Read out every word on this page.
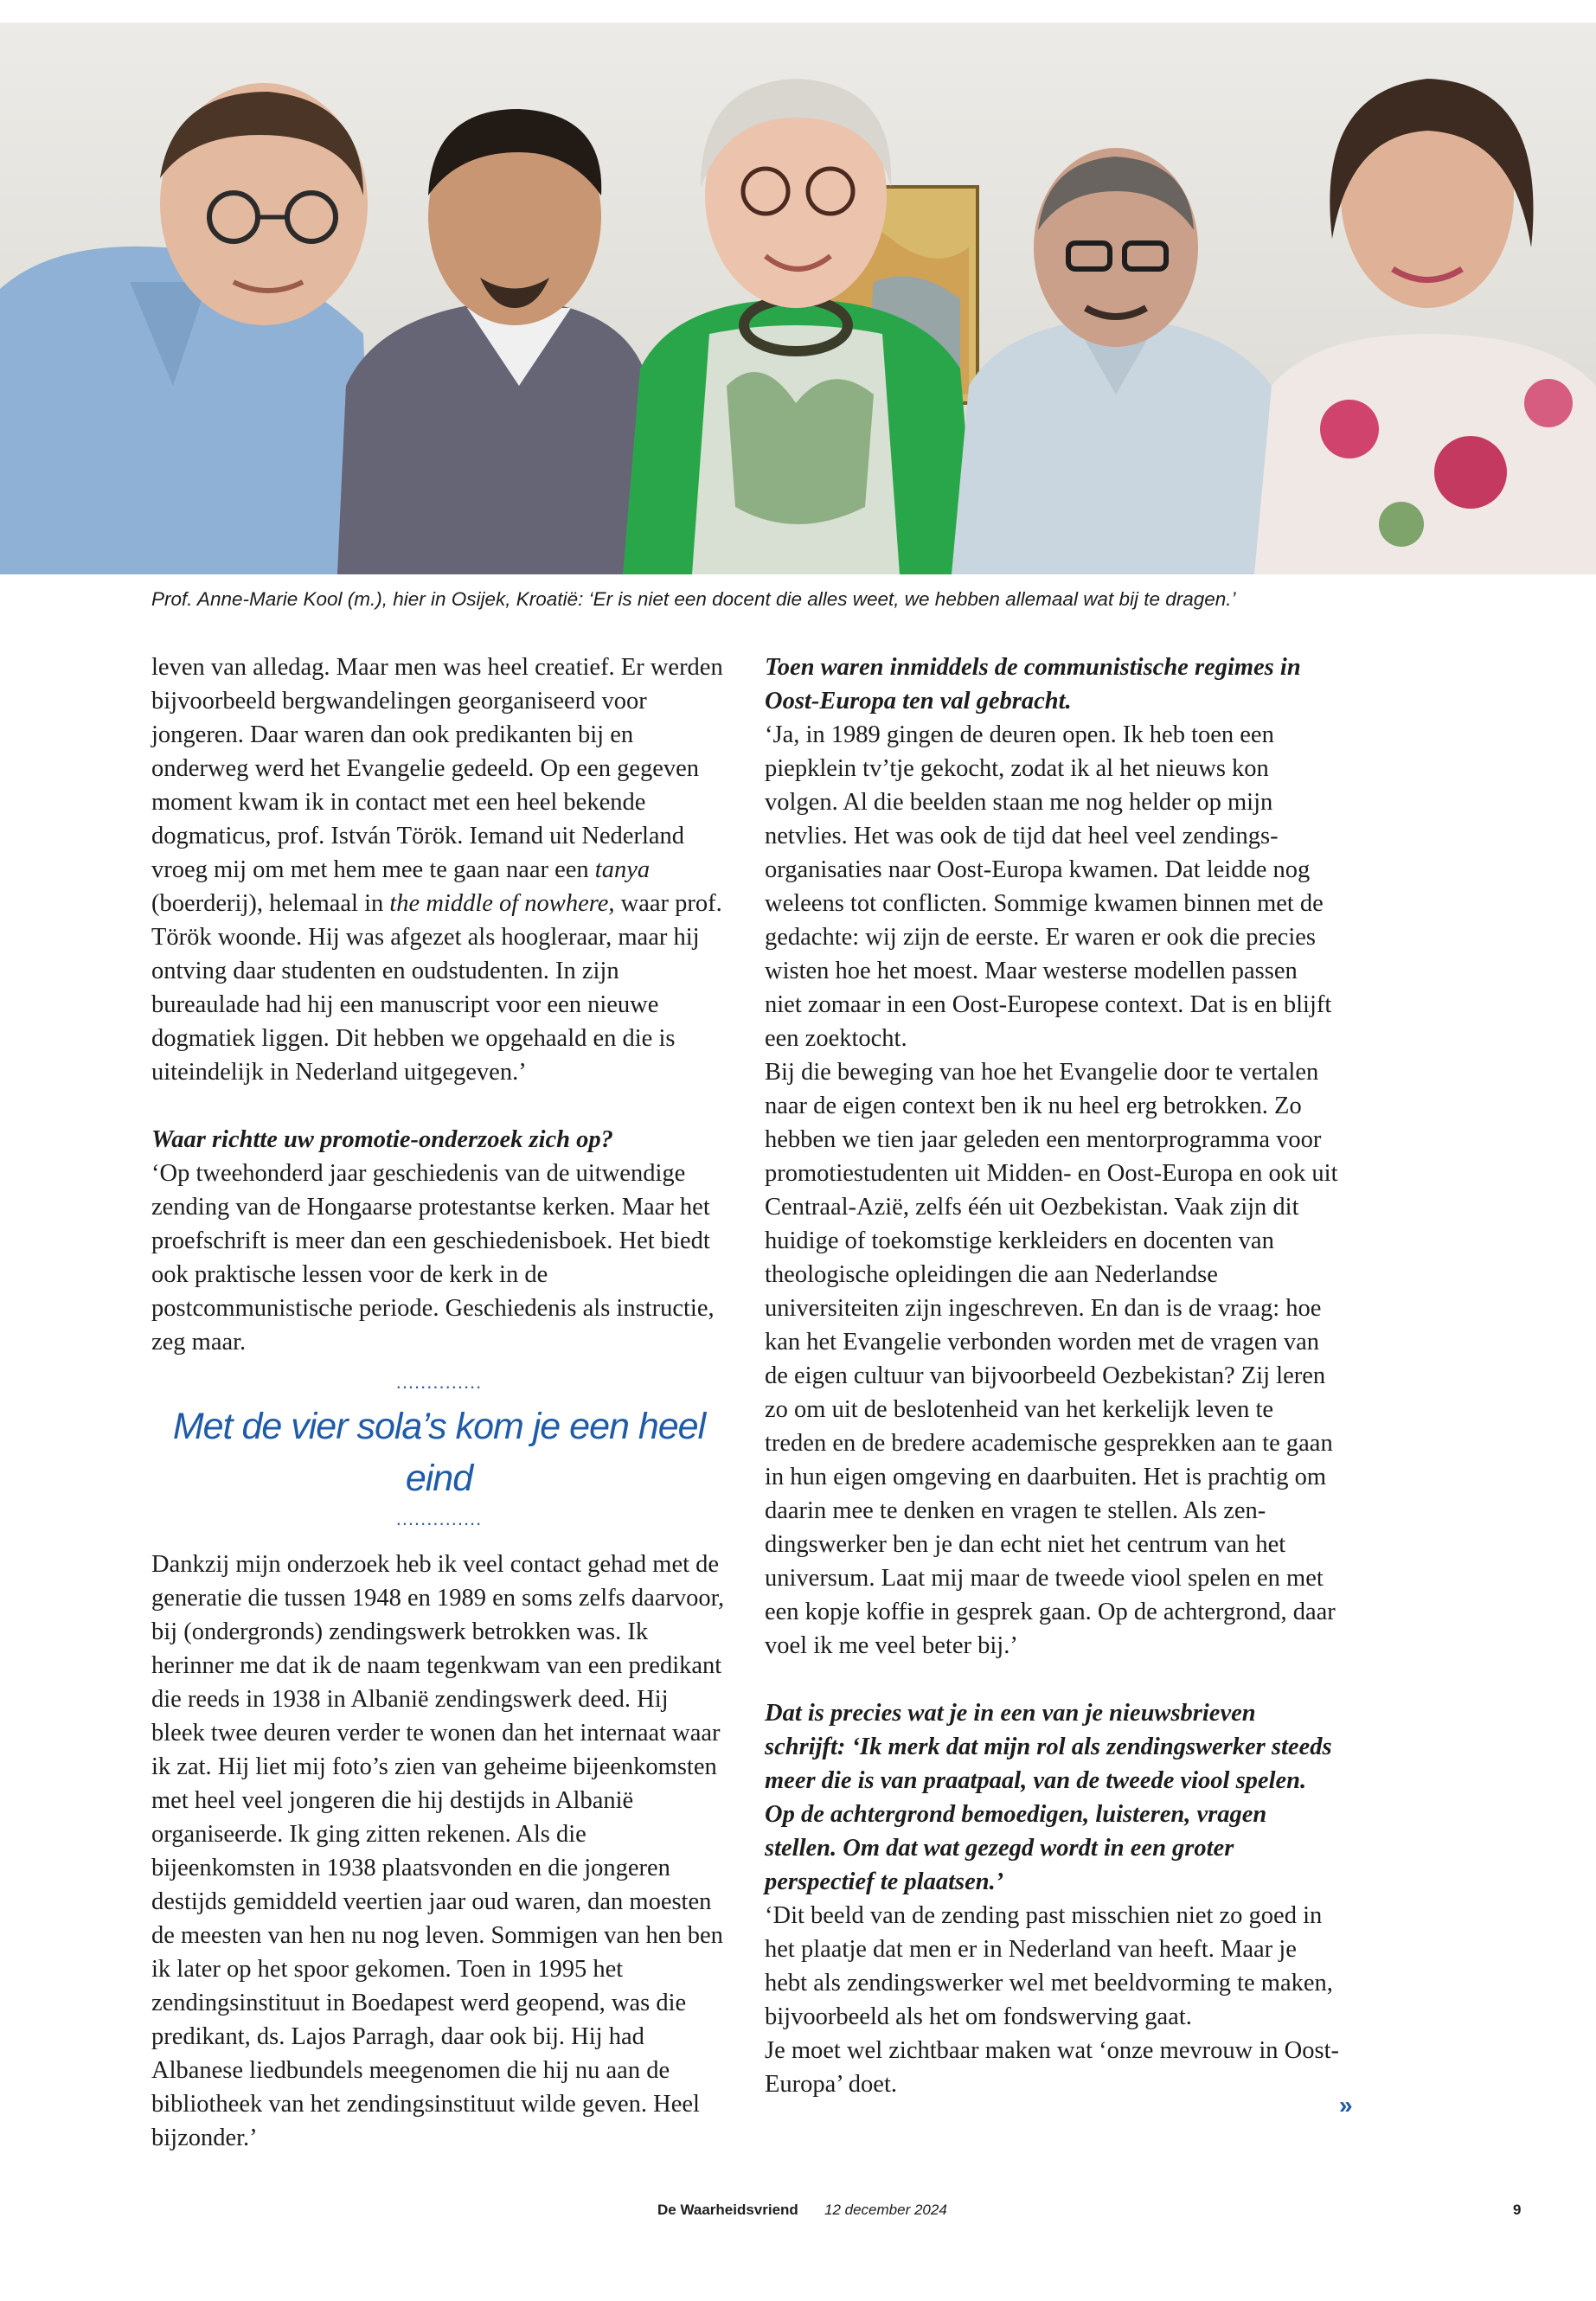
Prof. Anne-Marie Kool (m.), hier in Osijek, Kroatië: ‘Er is niet een docent die alles weet, we hebben allemaal wat bij te dragen.’

leven van alledag. Maar men was heel creatief. Er werden bijvoorbeeld bergwandelingen georganiseerd voor jongeren. Daar waren dan ook predikanten bij en onderweg werd het Evangelie gedeeld. Op een gegeven moment kwam ik in contact met een heel bekende dogmaticus, prof. István Török. Iemand uit Nederland vroeg mij om met hem mee te gaan naar een tanya (boerderij), helemaal in the middle of nowhere, waar prof. Török woonde. Hij was afgezet als hoogleraar, maar hij ontving daar studenten en oudstudenten. In zijn bureaulade had hij een manuscript voor een nieuwe dogmatiek liggen. Dit hebben we opgehaald en die is uiteindelijk in Nederland uitgegeven.’

Waar richtte uw promotie-onderzoek zich op?

‘Op tweehonderd jaar geschiedenis van de uitwendige zending van de Hongaarse protestantse kerken. Maar het proefschrift is meer dan een geschiedenisboek. Het biedt ook praktische lessen voor de kerk in de postcommunistische periode. Geschiedenis als instructie, zeg maar.

..............
Met de vier sola’s kom je een heel eind
..............

Dankzij mijn onderzoek heb ik veel contact gehad met de generatie die tussen 1948 en 1989 en soms zelfs daarvoor, bij (ondergronds) zendingswerk betrokken was. Ik herinner me dat ik de naam tegenkwam van een predikant die reeds in 1938 in Albanië zendingswerk deed. Hij bleek twee deuren verder te wonen dan het internaat waar ik zat. Hij liet mij foto’s zien van geheime bijeenkomsten met heel veel jongeren die hij destijds in Albanië organiseerde. Ik ging zitten rekenen. Als die bijeenkomsten in 1938 plaatsvonden en die jongeren destijds gemiddeld veertien jaar oud waren, dan moesten de meesten van hen nu nog leven. Sommigen van hen ben ik later op het spoor gekomen. Toen in 1995 het zendingsinstituut in Boedapest werd geopend, was die predikant, ds. Lajos Parragh, daar ook bij. Hij had Albanese liedbundels meegenomen die hij nu aan de bibliotheek van het zendingsinstituut wilde geven. Heel bijzonder.’

Toen waren inmiddels de communistische regimes in Oost-Europa ten val gebracht.

‘Ja, in 1989 gingen de deuren open. Ik heb toen een piepklein tv’tje gekocht, zodat ik al het nieuws kon volgen. Al die beelden staan me nog helder op mijn netvlies. Het was ook de tijd dat heel veel zendingsorganisaties naar Oost-Europa kwamen. Dat leidde nog weleens tot conflicten. Sommige kwamen binnen met de gedachte: wij zijn de eerste. Er waren er ook die precies wisten hoe het moest. Maar westerse modellen passen niet zomaar in een Oost-Europese context. Dat is en blijft een zoektocht.

Bij die beweging van hoe het Evangelie door te vertalen naar de eigen context ben ik nu heel erg betrokken. Zo hebben we tien jaar geleden een mentorprogramma voor promotiestudenten uit Midden- en Oost-Europa en ook uit Centraal-Azië, zelfs één uit Oezbekistan. Vaak zijn dit huidige of toekomstige kerkleiders en docenten van theologische opleidingen die aan Nederlandse universiteiten zijn ingeschreven. En dan is de vraag: hoe kan het Evangelie verbonden worden met de vragen van de eigen cultuur van bijvoorbeeld Oezbekistan? Zij leren zo om uit de beslotenheid van het kerkelijk leven te treden en de bredere academische gesprekken aan te gaan in hun eigen omgeving en daarbuiten. Het is prachtig om daarin mee te denken en vragen te stellen. Als zendingswerker ben je dan echt niet het centrum van het universum. Laat mij maar de tweede viool spelen en met een kopje koffie in gesprek gaan. Op de achtergrond, daar voel ik me veel beter bij.’

Dat is precies wat je in een van je nieuwsbrieven schrijft: ‘Ik merk dat mijn rol als zendingswerker steeds meer die is van praatpaal, van de tweede viool spelen. Op de achtergrond bemoedigen, luisteren, vragen stellen. Om dat wat gezegd wordt in een groter perspectief te plaatsen.’

‘Dit beeld van de zending past misschien niet zo goed in het plaatje dat men er in Nederland van heeft. Maar je hebt als zendingswerker wel met beeldvorming te maken, bijvoorbeeld als het om fondswerving gaat.

Je moet wel zichtbaar maken wat ‘onze mevrouw in Oost-Europa’ doet.

»
De Waarheidsvriend 12 december 2024	9
